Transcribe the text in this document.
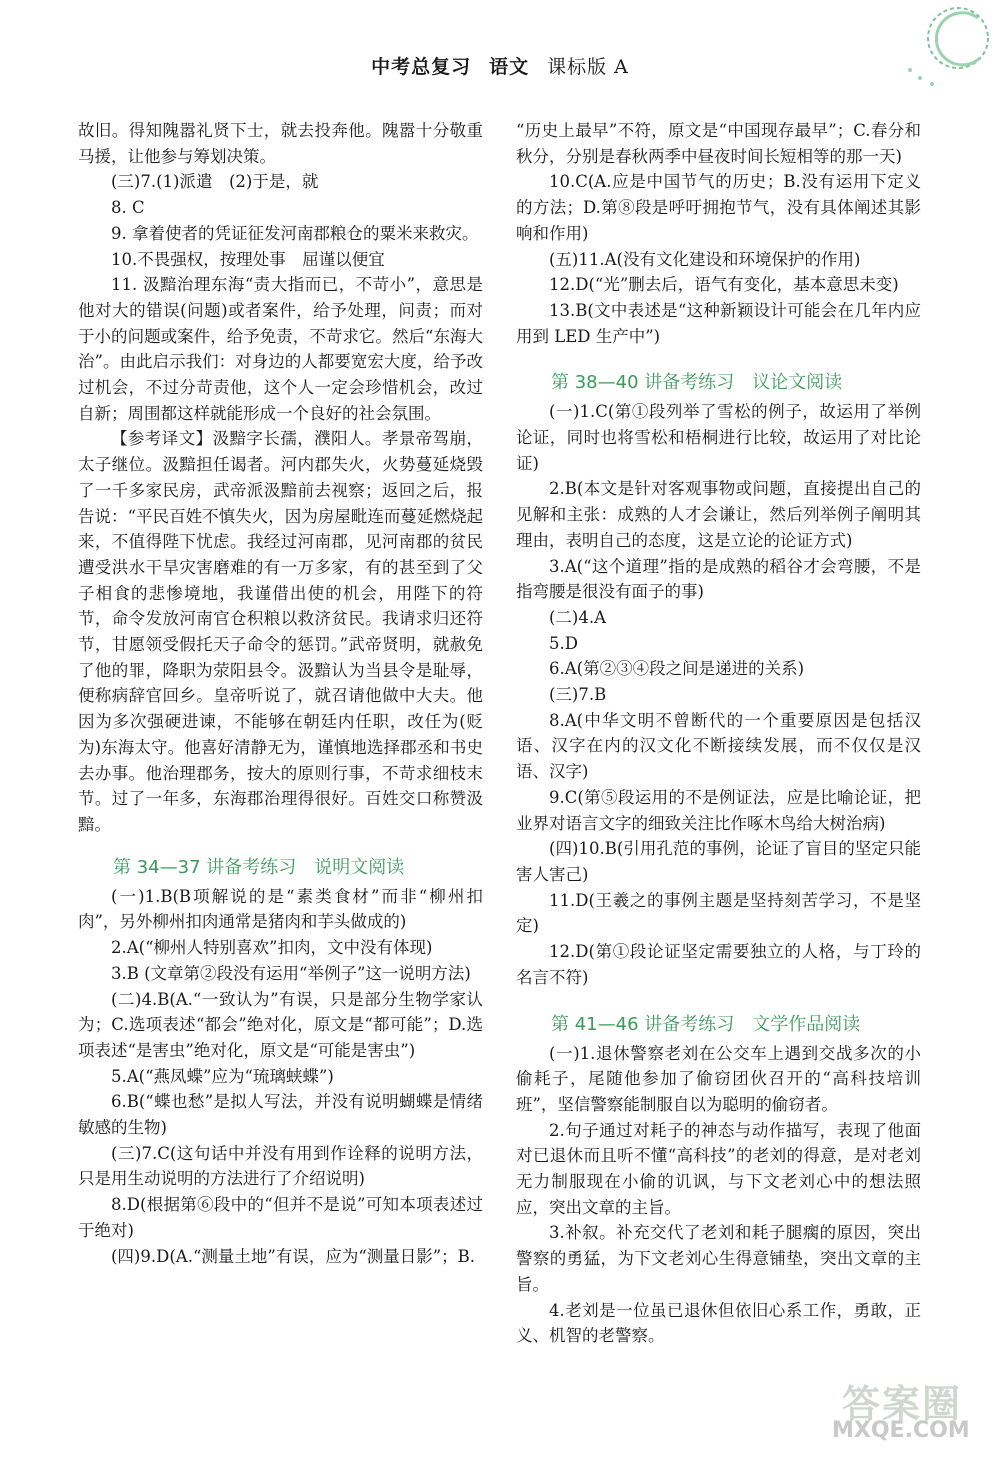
中考总复习 语文 课标版 A

故旧。得知隗嚣礼贤下士，就去投奔他。隗嚣十分敬重马援，让他参与筹划决策。

(三)7.(1)派遣　(2)于是，就

8. C

9. 拿着使者的凭证征发河南郡粮仓的粟米来救灾。

10.不畏强权，按理处事　屈谨以便宜

11. 汲黯治理东海“责大指而已，不苛小”，意思是他对大的错误(问题)或者案件，给予处理，问责；而对于小的问题或案件，给予免责，不苛求它。然后“东海大治”。由此启示我们：对身边的人都要宽宏大度，给予改过机会，不过分苛责他，这个人一定会珍惜机会，改过自新；周围都这样就能形成一个良好的社会氛围。

【参考译文】汲黯字长孺，濮阳人。孝景帝驾崩，太子继位。汲黯担任谒者。河内郡失火，火势蔓延烧毁了一千多家民房，武帝派汲黯前去视察；返回之后，报告说：“平民百姓不慎失火，因为房屋毗连而蔓延燃烧起来，不值得陛下忧虑。我经过河南郡，见河南郡的贫民遭受洪水干旱灾害磨难的有一万多家，有的甚至到了父子相食的悲惨境地，我谨借出使的机会，用陛下的符节，命令发放河南官仓积粮以救济贫民。我请求归还符节，甘愿领受假托天子命令的惩罚。”武帝贤明，就赦免了他的罪，降职为荥阳县令。汲黯认为当县令是耻辱，便称病辞官回乡。皇帝听说了，就召请他做中大夫。他因为多次强硬进谏，不能够在朝廷内任职，改任为(贬为)东海太守。他喜好清静无为，谨慎地选择郡丞和书史去办事。他治理郡务，按大的原则行事，不苛求细枝末节。过了一年多，东海郡治理得很好。百姓交口称赞汲黯。

第 34—37 讲备考练习 说明文阅读

(一)1.B(B项解说的是“素类食材”而非“柳州扣肉”，另外柳州扣肉通常是猪肉和芋头做成的)

2.A(“柳州人特别喜欢”扣肉，文中没有体现)

3.B (文章第②段没有运用“举例子”这一说明方法)

(二)4.B(A.“一致认为”有误，只是部分生物学家认为；C.选项表述“都会”绝对化，原文是“都可能”；D.选项表述“是害虫”绝对化，原文是“可能是害虫”)

5.A(“燕凤蝶”应为“琉璃蛱蝶”)

6.B(“蝶也愁”是拟人写法，并没有说明蝴蝶是情绪敏感的生物)

(三)7.C(这句话中并没有用到作诠释的说明方法，只是用生动说明的方法进行了介绍说明)

8.D(根据第⑥段中的“但并不是说”可知本项表述过于绝对)

(四)9.D(A.“测量土地”有误，应为“测量日影”；B.

“历史上最早”不符，原文是“中国现存最早”；C.春分和秋分，分别是春秋两季中昼夜时间长短相等的那一天)

10.C(A.应是中国节气的历史；B.没有运用下定义的方法；D.第⑧段是呼吁拥抱节气，没有具体阐述其影响和作用)

(五)11.A(没有文化建设和环境保护的作用)

12.D(“光”删去后，语气有变化，基本意思未变)

13.B(文中表述是“这种新颖设计可能会在几年内应用到 LED 生产中”)

第 38—40 讲备考练习 议论文阅读

(一)1.C(第①段列举了雪松的例子，故运用了举例论证，同时也将雪松和梧桐进行比较，故运用了对比论证)

2.B(本文是针对客观事物或问题，直接提出自己的见解和主张：成熟的人才会谦让，然后列举例子阐明其理由，表明自己的态度，这是立论的论证方式)

3.A(“这个道理”指的是成熟的稻谷才会弯腰，不是指弯腰是很没有面子的事)

(二)4.A

5.D

6.A(第②③④段之间是递进的关系)

(三)7.B

8.A(中华文明不曾断代的一个重要原因是包括汉语、汉字在内的汉文化不断接续发展，而不仅仅是汉语、汉字)

9.C(第⑤段运用的不是例证法，应是比喻论证，把业界对语言文字的细致关注比作啄木鸟给大树治病)

(四)10.B(引用孔范的事例，论证了盲目的坚定只能害人害己)

11.D(王羲之的事例主题是坚持刻苦学习，不是坚定)

12.D(第①段论证坚定需要独立的人格，与丁玲的名言不符)

第 41—46 讲备考练习 文学作品阅读

(一)1.退休警察老刘在公交车上遇到交战多次的小偷耗子，尾随他参加了偷窃团伙召开的“高科技培训班”，坚信警察能制服自以为聪明的偷窃者。

2.句子通过对耗子的神态与动作描写，表现了他面对已退休而且听不懂“高科技”的老刘的得意，是对老刘无力制服现在小偷的讥讽，与下文老刘心中的想法照应，突出文章的主旨。

3.补叙。补充交代了老刘和耗子腿瘸的原因，突出警察的勇猛，为下文老刘心生得意铺垫，突出文章的主旨。

4.老刘是一位虽已退休但依旧心系工作，勇敢，正义、机智的老警察。

答案圈
MXQE.COM
